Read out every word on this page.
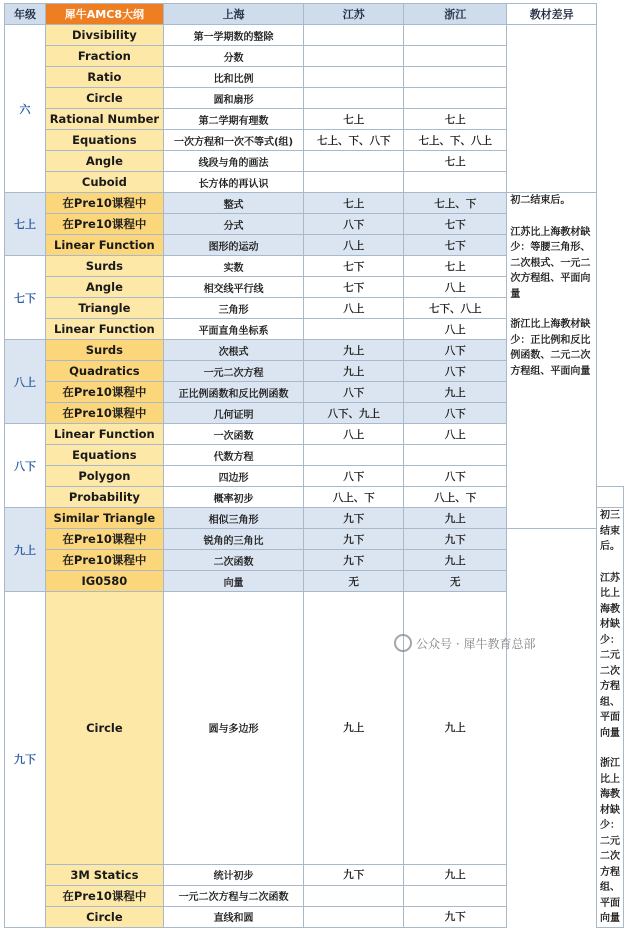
年级	犀牛AMC8大纲	上海	江苏	浙江	教材差异	
六	Divsibility	第一学期数的整除				
	Fraction	分数				
	Ratio	比和比例				
	Circle	圆和扇形				
	Rational Number	第二学期有理数	七上	七上		
	Equations	一次方程和一次不等式(组)	七上、下、八下	七上、下、八上		
	Angle	线段与角的画法		七上		
	Cuboid	长方体的再认识				
七上	在Pre10课程中	整式	七上	七上、下	初二结束后。
江苏比上海教材缺少：等腰三角形、二次根式、一元二次方程组、平面向量
浙江比上海教材缺少：正比例和反比例函数、二元二次方程组、平面向量	
	在Pre10课程中	分式	八下	七下		
	Linear Function	图形的运动	八上	七下		
七下	Surds	实数	七下	七上		
	Angle	相交线平行线	七下	八上		
	Triangle	三角形	八上	七下、八上		
	Linear Function	平面直角坐标系		八上		
八上	Surds	次根式	九上	八下		
	Quadratics	一元二次方程	九上	八下		
	在Pre10课程中	正比例函数和反比例函数	八下	九上		
	在Pre10课程中	几何证明	八下、九上	八下		
八下	Linear Function	一次函数	八上	八上		
	Equations	代数方程				
	Polygon	四边形	八下	八下		
	Probability	概率初步	八上、下	八上、下		
九上	Similar Triangle	相似三角形	九下	九上		初三结束后。
江苏比上海教材缺少：二元二次方程组、平面向量
浙江比上海教材缺少：二元二次方程组、平面向量
	在Pre10课程中	锐角的三角比	九下	九下		
	在Pre10课程中	二次函数	九下	九上		
	IG0580	向量	无	无		
九下	Circle	圆与多边形	九上	九上		
	3M Statics	统计初步	九下	九上		
	在Pre10课程中	一元二次方程与二次函数				
	Circle	直线和圆		九下		
公众号 · 犀牛教育总部
